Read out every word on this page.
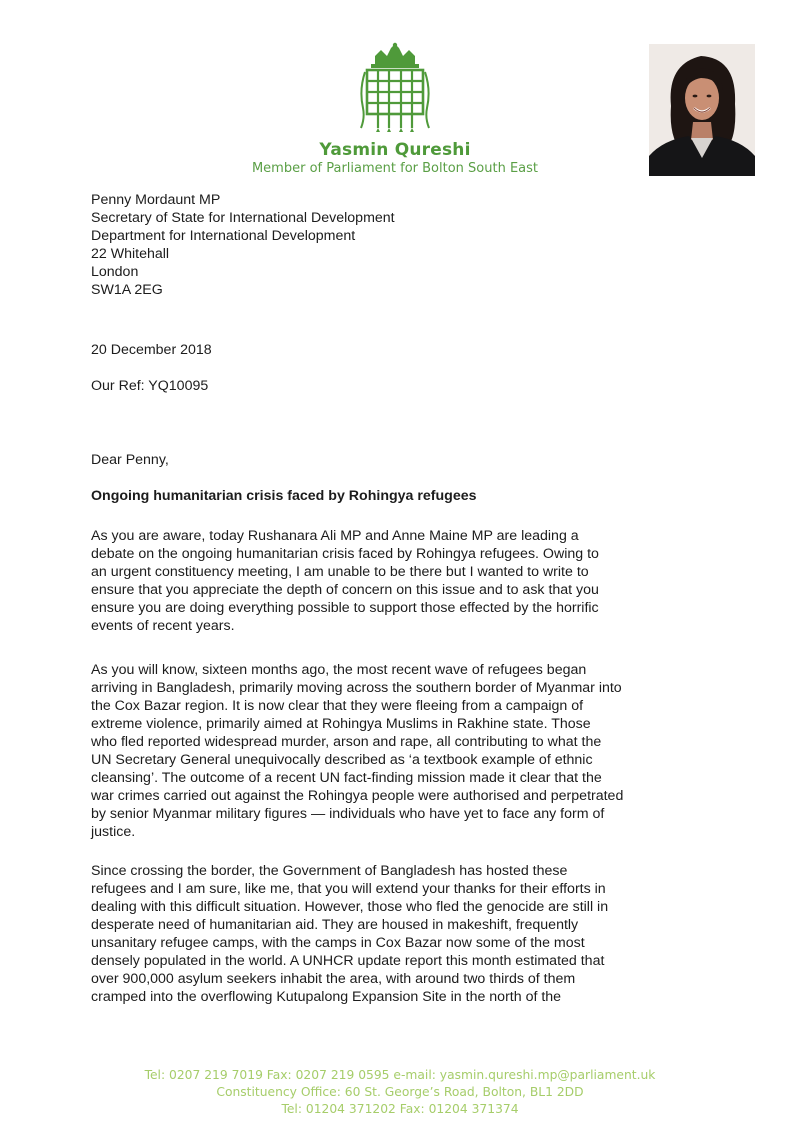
Yasmin Qureshi
Member of Parliament for Bolton South East
Penny Mordaunt MP
Secretary of State for International Development
Department for International Development
22 Whitehall
London
SW1A 2EG
20 December 2018
Our Ref: YQ10095
Dear Penny,
Ongoing humanitarian crisis faced by Rohingya refugees
As you are aware, today Rushanara Ali MP and Anne Maine MP are leading a
debate on the ongoing humanitarian crisis faced by Rohingya refugees. Owing to
an urgent constituency meeting, I am unable to be there but I wanted to write to
ensure that you appreciate the depth of concern on this issue and to ask that you
ensure you are doing everything possible to support those effected by the horrific
events of recent years.
As you will know, sixteen months ago, the most recent wave of refugees began
arriving in Bangladesh, primarily moving across the southern border of Myanmar into
the Cox Bazar region. It is now clear that they were fleeing from a campaign of
extreme violence, primarily aimed at Rohingya Muslims in Rakhine state. Those
who fled reported widespread murder, arson and rape, all contributing to what the
UN Secretary General unequivocally described as ‘a textbook example of ethnic
cleansing’. The outcome of a recent UN fact-finding mission made it clear that the
war crimes carried out against the Rohingya people were authorised and perpetrated
by senior Myanmar military figures — individuals who have yet to face any form of
justice.
Since crossing the border, the Government of Bangladesh has hosted these
refugees and I am sure, like me, that you will extend your thanks for their efforts in
dealing with this difficult situation. However, those who fled the genocide are still in
desperate need of humanitarian aid. They are housed in makeshift, frequently
unsanitary refugee camps, with the camps in Cox Bazar now some of the most
densely populated in the world. A UNHCR update report this month estimated that
over 900,000 asylum seekers inhabit the area, with around two thirds of them
cramped into the overflowing Kutupalong Expansion Site in the north of the
Tel: 0207 219 7019 Fax: 0207 219 0595 e-mail: yasmin.qureshi.mp@parliament.uk
Constituency Office: 60 St. George’s Road, Bolton, BL1 2DD
Tel: 01204 371202 Fax: 01204 371374
